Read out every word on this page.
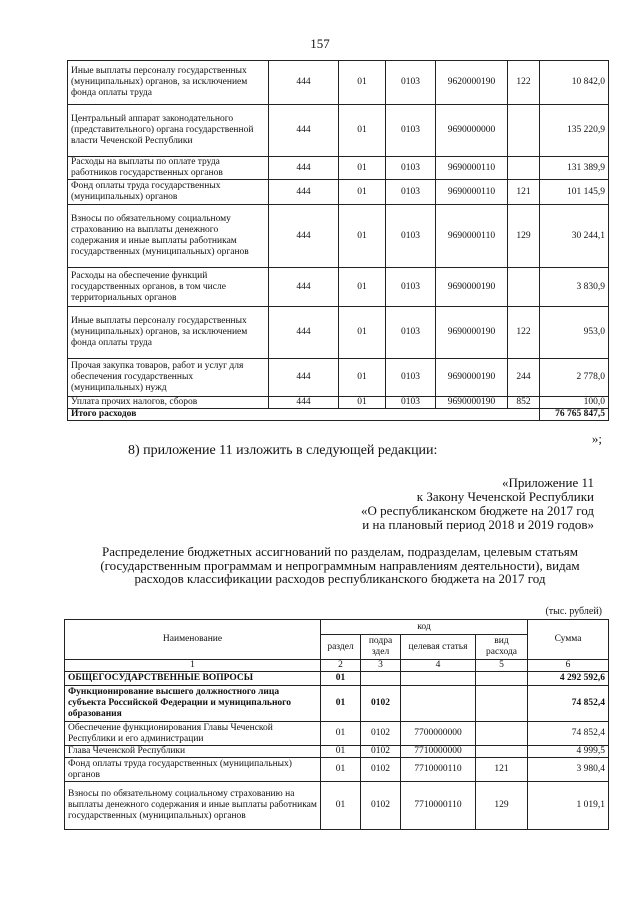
157
Иные выплаты персоналу государственных (муниципальных) органов, за исключением фонда оплаты труда	444	01	0103	9620000190	122	10 842,0
Центральный аппарат законодательного (представительного) органа государственной власти Чеченской Республики	444	01	0103	9690000000		135 220,9
Расходы на выплаты по оплате труда работников государственных органов	444	01	0103	9690000110		131 389,9
Фонд оплаты труда государственных (муниципальных) органов	444	01	0103	9690000110	121	101 145,9
Взносы по обязательному социальному страхованию на выплаты денежного содержания и иные выплаты работникам государственных (муниципальных) органов	444	01	0103	9690000110	129	30 244,1
Расходы на обеспечение функций государственных органов, в том числе территориальных органов	444	01	0103	9690000190		3 830,9
Иные выплаты персоналу государственных (муниципальных) органов, за исключением фонда оплаты труда	444	01	0103	9690000190	122	953,0
Прочая закупка товаров, работ и услуг для обеспечения государственных (муниципальных) нужд	444	01	0103	9690000190	244	2 778,0
Уплата прочих налогов, сборов	444	01	0103	9690000190	852	100,0
Итого расходов						76 765 847,5
»;
8) приложение 11 изложить в следующей редакции:
«Приложение 11
к Закону Чеченской Республики
«О республиканском бюджете на 2017 год
и на плановый период 2018 и 2019 годов»
Распределение бюджетных ассигнований по разделам, подразделам, целевым статьям (государственным программам и непрограммным направлениям деятельности), видам расходов классификации расходов республиканского бюджета на 2017 год
(тыс. рублей)
Наименование	код				Сумма
	раздел	подра здел	целевая статья	вид расхода	
1	2	3	4	5	6
ОБЩЕГОСУДАРСТВЕННЫЕ ВОПРОСЫ	01				4 292 592,6
Функционирование высшего должностного лица субъекта Российской Федерации и муниципального образования	01	0102			74 852,4
Обеспечение функционирования Главы Чеченской Республики и его администрации	01	0102	7700000000		74 852,4
Глава Чеченской Республики	01	0102	7710000000		4 999,5
Фонд оплаты труда государственных (муниципальных) органов	01	0102	7710000110	121	3 980,4
Взносы по обязательному социальному страхованию на выплаты денежного содержания и иные выплаты работникам государственных (муниципальных) органов	01	0102	7710000110	129	1 019,1
